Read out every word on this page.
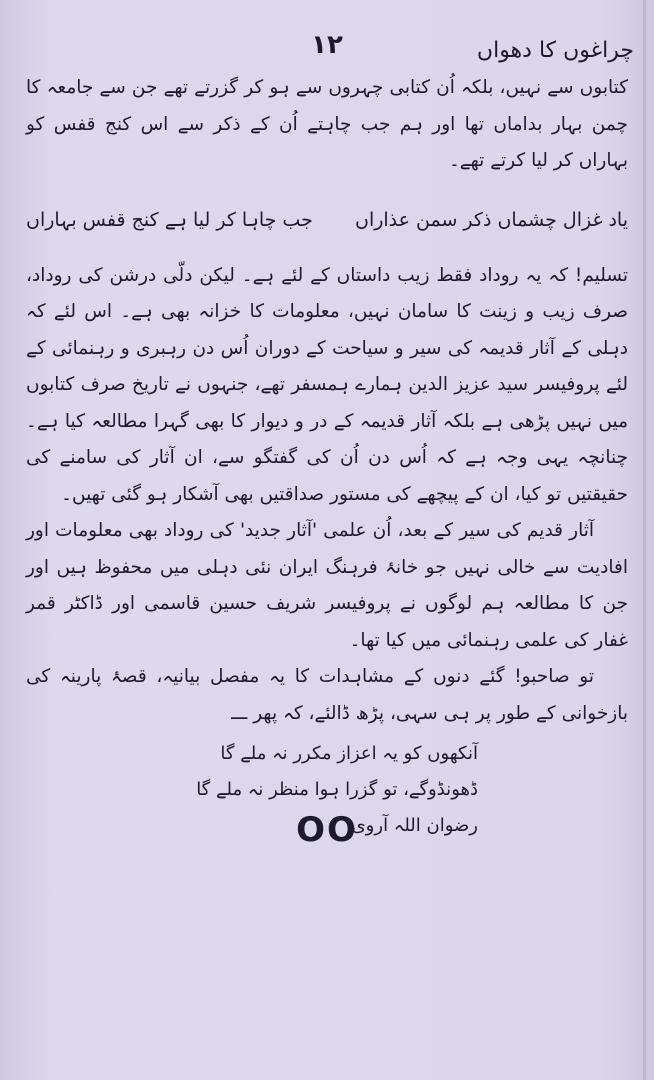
چراغوں کا دھواں
۱۲

کتابوں سے نہیں، بلکہ اُن کتابی چہروں سے ہو کر گزرتے تھے جن سے جامعہ کا چمن بہار بداماں تھا اور ہم جب چاہتے اُن کے ذکر سے اس کنج قفس کو بہاراں کر لیا کرتے تھے۔

یاد غزال چشماں ذکر سمن عذاراں
جب چاہا کر لیا ہے کنج قفس بہاراں

تسلیم! کہ یہ روداد فقط زیب داستاں کے لئے ہے۔ لیکن دلّی درشن کی روداد، صرف زیب و زینت کا سامان نہیں، معلومات کا خزانہ بھی ہے۔ اس لئے کہ دہلی کے آثار قدیمہ کی سیر و سیاحت کے دوران اُس دن رہبری و رہنمائی کے لئے پروفیسر سید عزیز الدین ہمارے ہمسفر تھے، جنہوں نے تاریخ صرف کتابوں میں نہیں پڑھی ہے بلکہ آثار قدیمہ کے در و دیوار کا بھی گہرا مطالعہ کیا ہے۔ چنانچہ یہی وجہ ہے کہ اُس دن اُن کی گفتگو سے، ان آثار کی سامنے کی حقیقتیں تو کیا، ان کے پیچھے کی مستور صداقتیں بھی آشکار ہو گئی تھیں۔

آثار قدیم کی سیر کے بعد، اُن علمی 'آثار جدید' کی روداد بھی معلومات اور افادیت سے خالی نہیں جو خانۂ فرہنگ ایران نئی دہلی میں محفوظ ہیں اور جن کا مطالعہ ہم لوگوں نے پروفیسر شریف حسین قاسمی اور ڈاکٹر قمر غفار کی علمی رہنمائی میں کیا تھا۔

تو صاحبو! گئے دنوں کے مشاہدات کا یہ مفصل بیانیہ، قصۂ پارینہ کی بازخوانی کے طور پر ہی سہی، پڑھ ڈالئے، کہ پھر ـــ

آنکھوں کو یہ اعزاز مکرر نہ ملے گا
ڈھونڈوگے، تو گزرا ہوا منظر نہ ملے گا
رضوان اللہ آروی
OO
